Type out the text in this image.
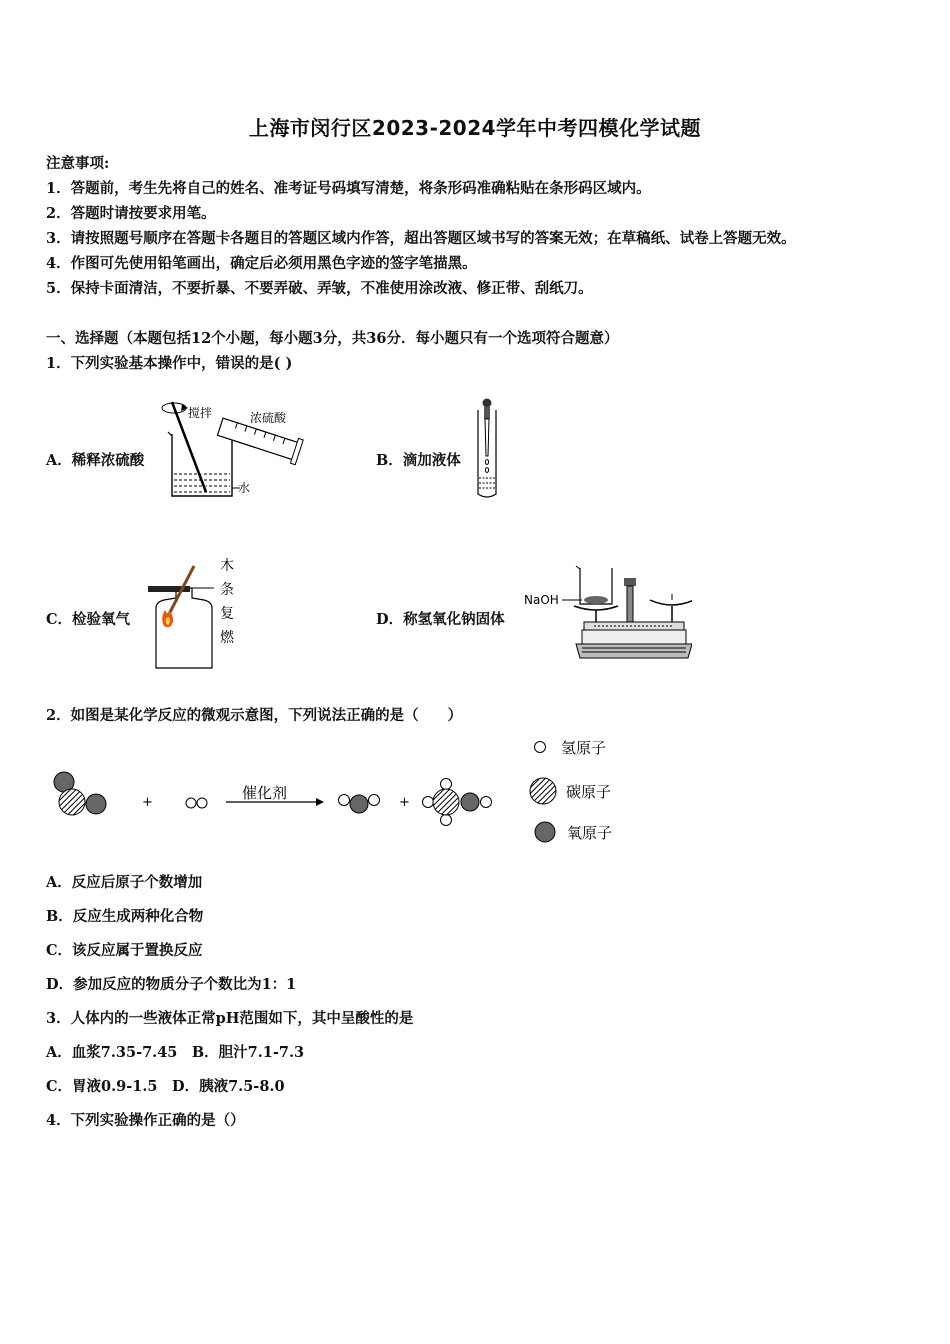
上海市闵行区2023-2024学年中考四模化学试题
注意事项:
1．答题前，考生先将自己的姓名、准考证号码填写清楚，将条形码准确粘贴在条形码区域内。
2．答题时请按要求用笔。
3．请按照题号顺序在答题卡各题目的答题区域内作答，超出答题区域书写的答案无效；在草稿纸、试卷上答题无效。
4．作图可先使用铅笔画出，确定后必须用黑色字迹的签字笔描黑。
5．保持卡面清洁，不要折暴、不要弄破、弄皱，不准使用涂改液、修正带、刮纸刀。
一、选择题（本题包括12个小题，每小题3分，共36分．每小题只有一个选项符合题意）
1．下列实验基本操作中，错误的是( )
A．稀释浓硫酸
搅拌	浓硫酸
水
B．滴加液体
C．检验氧气
木
条
复
燃
D．称氢氧化钠固体
NaOH
2．如图是某化学反应的微观示意图，下列说法正确的是（　　）
+
催化剂
+
氢原子
碳原子
氧原子
A．反应后原子个数增加
B．反应生成两种化合物
C．该反应属于置换反应
D．参加反应的物质分子个数比为1：1
3．人体内的一些液体正常pH范围如下，其中呈酸性的是
A．血浆7.35-7.45　B．胆汁7.1-7.3
C．胃液0.9-1.5　D．胰液7.5-8.0
4．下列实验操作正确的是（）
